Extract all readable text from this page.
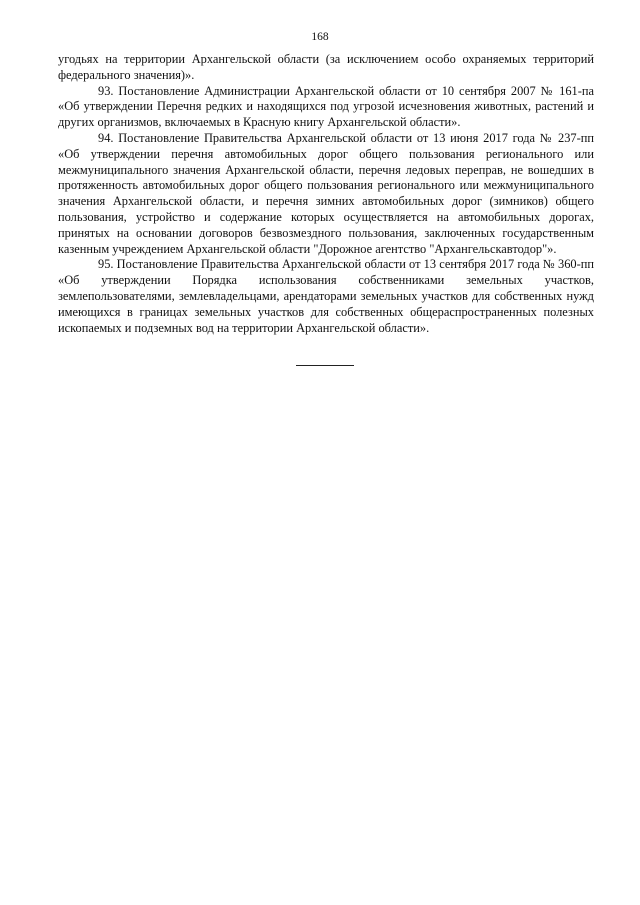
168

угодьях на территории Архангельской области (за исключением особо охраняемых территорий федерального значения)».

93. Постановление Администрации Архангельской области от 10 сентября 2007 № 161-па «Об утверждении Перечня редких и находящихся под угрозой исчезновения животных, растений и других организмов, включаемых в Красную книгу Архангельской области».

94. Постановление Правительства Архангельской области от 13 июня 2017 года № 237-пп «Об утверждении перечня автомобильных дорог общего пользования регионального или межмуниципального значения Архангельской области, перечня ледовых переправ, не вошедших в протяженность автомобильных дорог общего пользования регионального или межмуниципального значения Архангельской области, и перечня зимних автомобильных дорог (зимников) общего пользования, устройство и содержание которых осуществляется на автомобильных дорогах, принятых на основании договоров безвозмездного пользования, заключенных государственным казенным учреждением Архангельской области "Дорожное агентство "Архангельскавтодор"».

95. Постановление Правительства Архангельской области от 13 сентября 2017 года № 360-пп «Об утверждении Порядка использования собственниками земельных участков, землепользователями, землевладельцами, арендаторами земельных участков для собственных нужд имеющихся в границах земельных участков для собственных общераспространенных полезных ископаемых и подземных вод на территории Архангельской области».
